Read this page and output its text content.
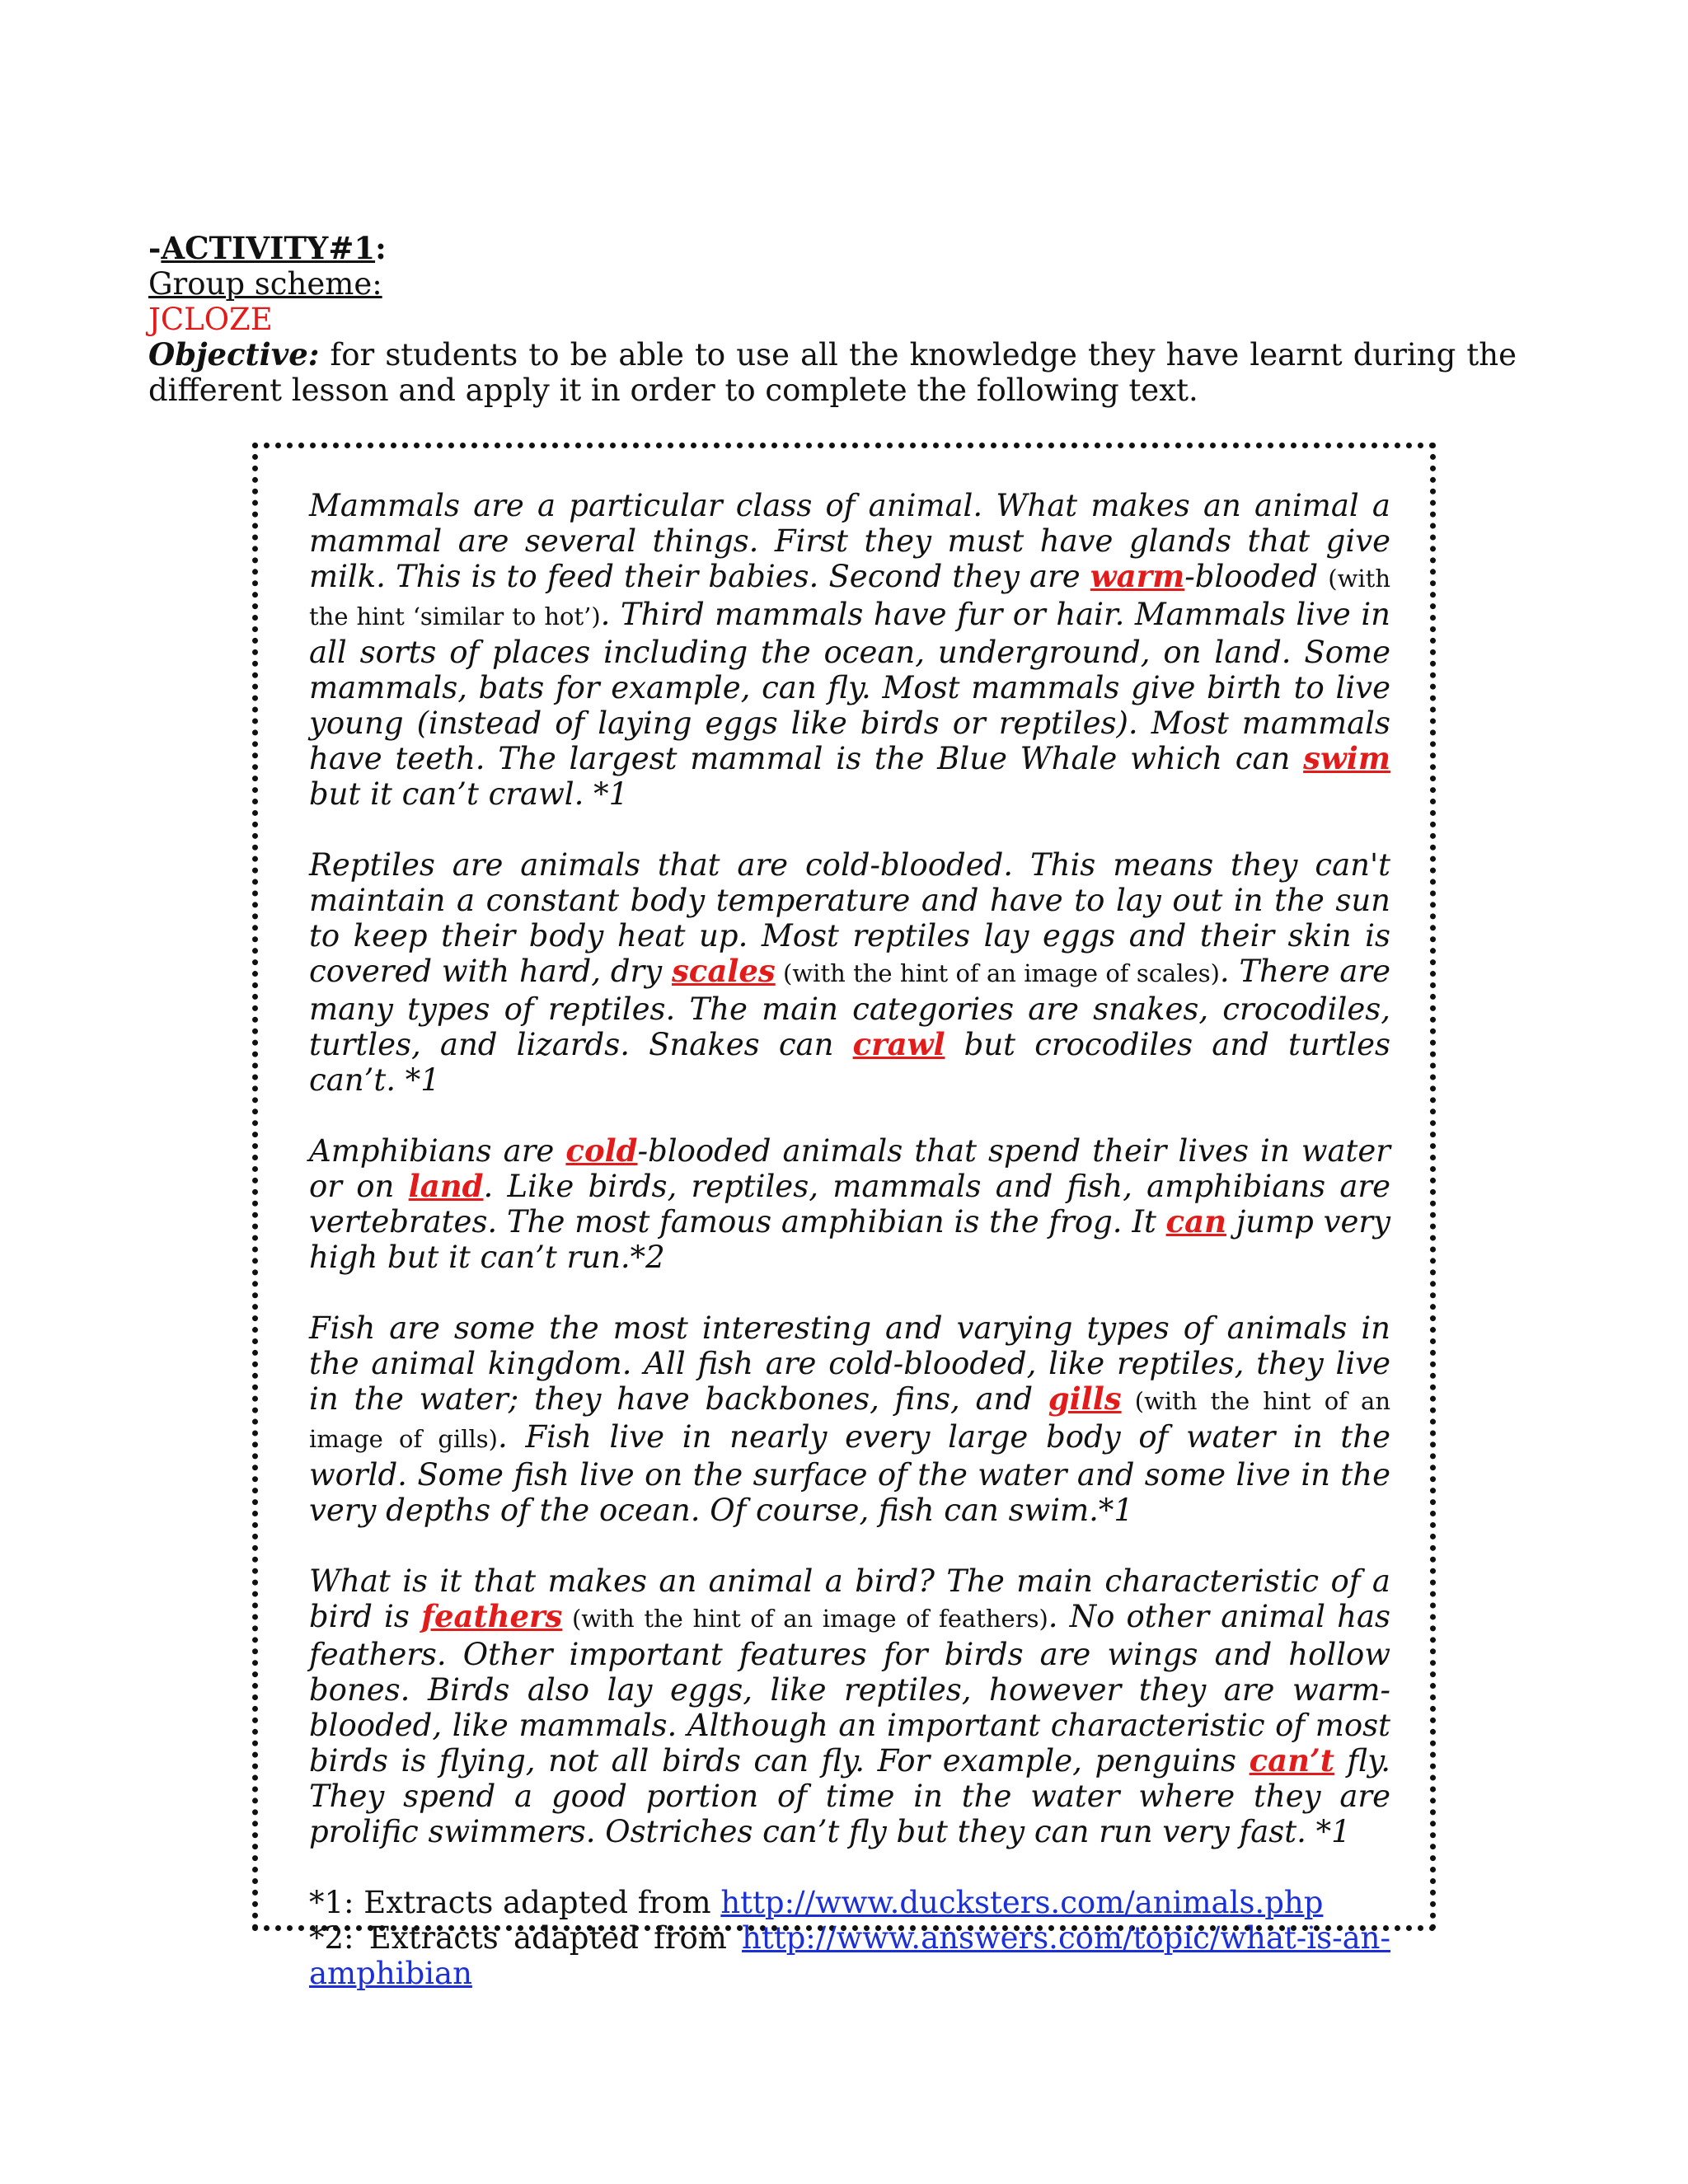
-ACTIVITY#1:
Group scheme:
JCLOZE
Objective: for students to be able to use all the knowledge they have learnt during the different lesson and apply it in order to complete the following text.

Mammals are a particular class of animal. What makes an animal a mammal are several things. First they must have glands that give milk. This is to feed their babies. Second they are warm-blooded (with the hint ‘similar to hot’). Third mammals have fur or hair. Mammals live in all sorts of places including the ocean, underground, on land. Some mammals, bats for example, can fly. Most mammals give birth to live young (instead of laying eggs like birds or reptiles). Most mammals have teeth. The largest mammal is the Blue Whale which can swim but it can’t crawl. *1

Reptiles are animals that are cold-blooded. This means they can't maintain a constant body temperature and have to lay out in the sun to keep their body heat up. Most reptiles lay eggs and their skin is covered with hard, dry scales (with the hint of an image of scales). There are many types of reptiles. The main categories are snakes, crocodiles, turtles, and lizards. Snakes can crawl but crocodiles and turtles can’t. *1

Amphibians are cold-blooded animals that spend their lives in water or on land. Like birds, reptiles, mammals and fish, amphibians are vertebrates. The most famous amphibian is the frog. It can jump very high but it can’t run.*2

Fish are some the most interesting and varying types of animals in the animal kingdom. All fish are cold-blooded, like reptiles, they live in the water; they have backbones, fins, and gills (with the hint of an image of gills). Fish live in nearly every large body of water in the world. Some fish live on the surface of the water and some live in the very depths of the ocean. Of course, fish can swim.*1

What is it that makes an animal a bird? The main characteristic of a bird is feathers (with the hint of an image of feathers). No other animal has feathers. Other important features for birds are wings and hollow bones. Birds also lay eggs, like reptiles, however they are warm-blooded, like mammals. Although an important characteristic of most birds is flying, not all birds can fly. For example, penguins can’t fly. They spend a good portion of time in the water where they are prolific swimmers. Ostriches can’t fly but they can run very fast. *1

*1: Extracts adapted from http://www.ducksters.com/animals.php
*2: Extracts adapted from http://www.answers.com/topic/what-is-an-amphibian
